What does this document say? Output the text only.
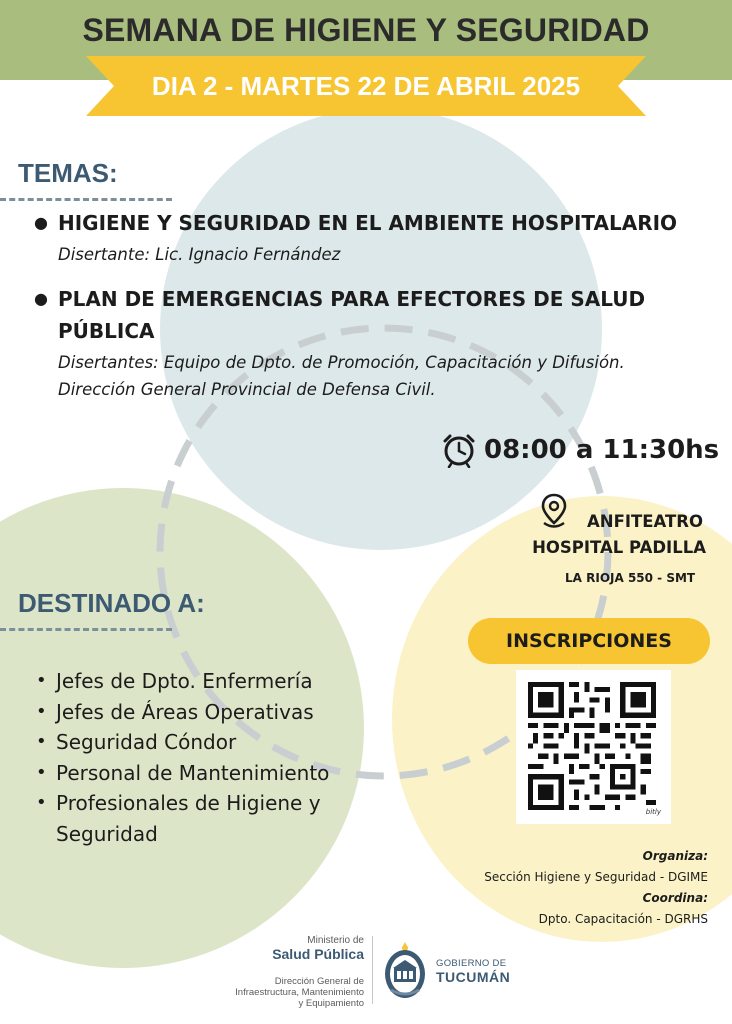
SEMANA DE HIGIENE Y SEGURIDAD
DIA 2 - MARTES 22 DE ABRIL 2025
TEMAS:
● HIGIENE Y SEGURIDAD EN EL AMBIENTE HOSPITALARIO
Disertante: Lic. Ignacio Fernández
● PLAN DE EMERGENCIAS PARA EFECTORES DE SALUD
PÚBLICA
Disertantes: Equipo de Dpto. de Promoción, Capacitación y Difusión.
Dirección General Provincial de Defensa Civil.
08:00 a 11:30hs
ANFITEATRO
HOSPITAL PADILLA
LA RIOJA 550 - SMT
INSCRIPCIONES
bitly
DESTINADO A:
• Jefes de Dpto. Enfermería
• Jefes de Áreas Operativas
• Seguridad Cóndor
• Personal de Mantenimiento
• Profesionales de Higiene y
Seguridad
Organiza:
Sección Higiene y Seguridad - DGIME
Coordina:
Dpto. Capacitación - DGRHS
Ministerio de
Salud Pública
Dirección General de
Infraestructura, Mantenimiento
y Equipamiento
GOBIERNO DE
TUCUMÁN
